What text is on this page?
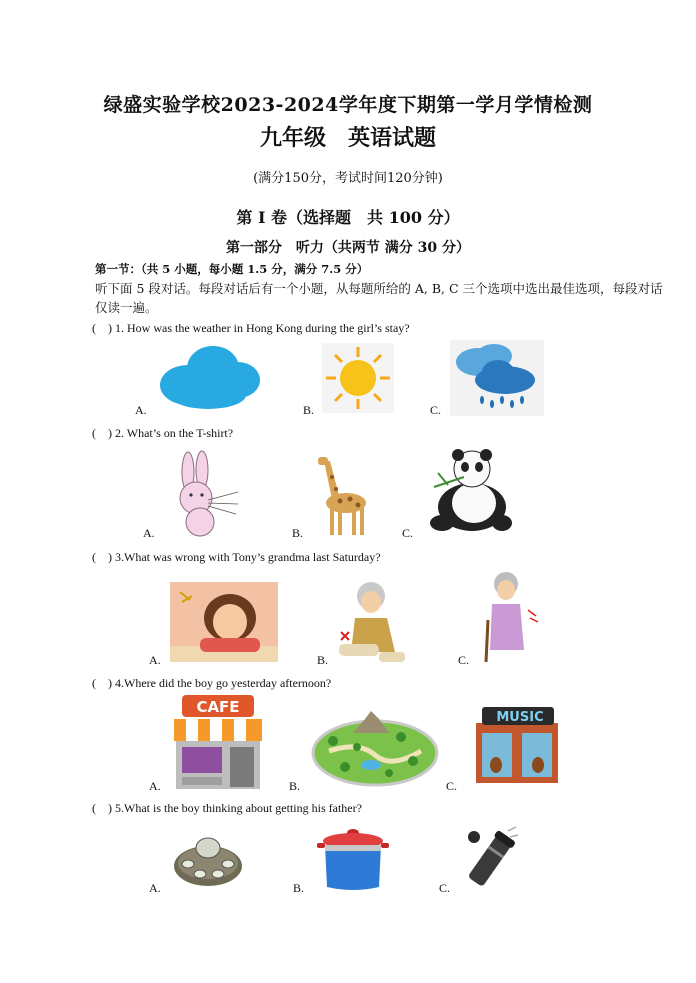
绿盛实验学校2023-2024学年度下期第一学月学情检测
九年级　英语试题
(满分150分，考试时间120分钟)
第 I 卷（选择题　共 100 分）
第一部分　听力（共两节 满分 30 分）
第一节：（共 5 小题，每小题 1.5 分，满分 7.5 分）
听下面 5 段对话。每段对话后有一个小题，从每题所给的 A, B, C 三个选项中选出最佳选项，每段对话仅读一遍。
(　) 1. How was the weather in Hong Kong during the girl’s stay?
A.	B.	C.
(　) 2. What’s on the T-shirt?
A.	B.	C.
(　) 3.What was wrong with Tony’s grandma last Saturday?
A.	B.	C.
(　) 4.Where did the boy go yesterday afternoon?
A.	B.	C.
CAFE
MUSIC
(　) 5.What is the boy thinking about getting his father?
A.	B.	C.
